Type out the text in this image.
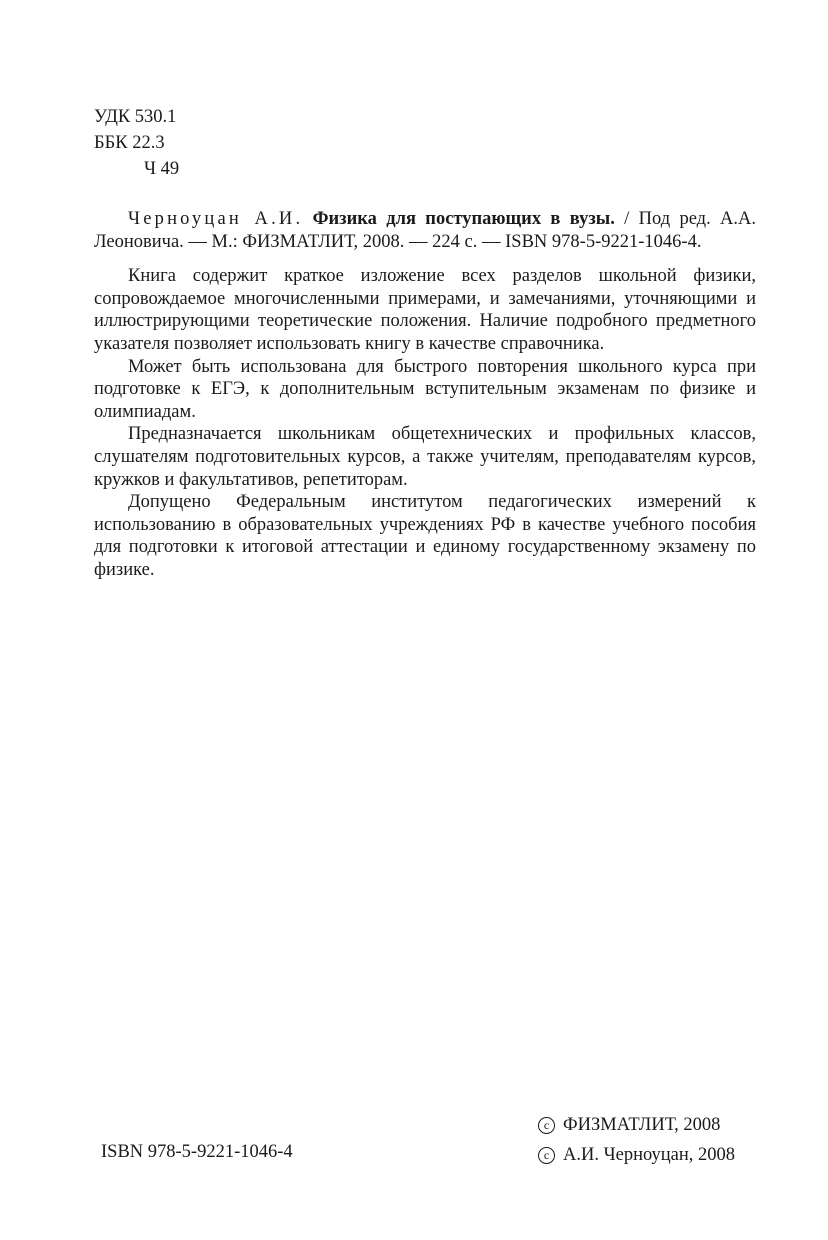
УДК 530.1
ББК 22.3
Ч 49

Черноуцан А.И. Физика для поступающих в вузы. / Под ред. А.А. Леоновича. — М.: ФИЗМАТЛИТ, 2008. — 224 с. — ISBN 978-5-9221-1046-4.

Книга содержит краткое изложение всех разделов школьной физики, сопровождаемое многочисленными примерами, и замечаниями, уточняющими и иллюстрирующими теоретические положения. Наличие подробного предметного указателя позволяет использовать книгу в качестве справочника.

Может быть использована для быстрого повторения школьного курса при подготовке к ЕГЭ, к дополнительным вступительным экзаменам по физике и олимпиадам.

Предназначается школьникам общетехнических и профильных классов, слушателям подготовительных курсов, а также учителям, преподавателям курсов, кружков и факультативов, репетиторам.

Допущено Федеральным институтом педагогических измерений к использованию в образовательных учреждениях РФ в качестве учебного пособия для подготовки к итоговой аттестации и единому государственному экзамену по физике.

ISBN 978-5-9221-1046-4
c ФИЗМАТЛИТ, 2008
c А.И. Черноуцан, 2008
